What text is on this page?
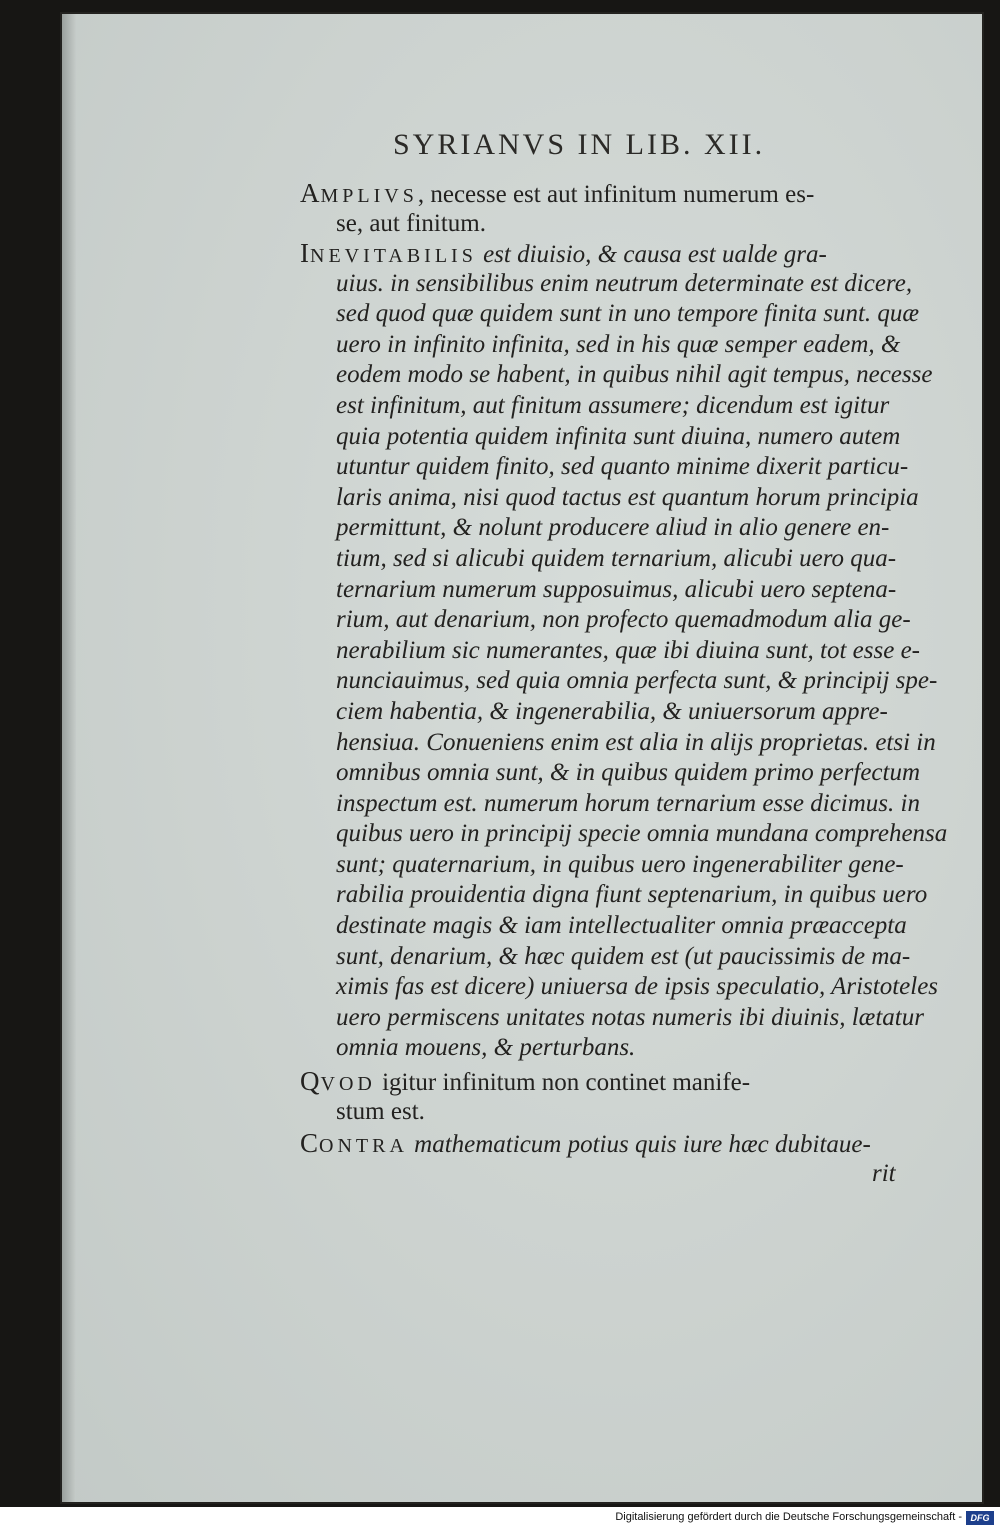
SYRIANVS IN LIB. XII.
AMPLIVS, necesse est aut infinitum numerum es-
se, aut finitum.
INEVITABILIS est diuisio, & causa est ualde gra-
uius. in sensibilibus enim neutrum determinate est dicere,
sed quod quæ quidem sunt in uno tempore finita sunt. quæ
uero in infinito infinita, sed in his quæ semper eadem, &
eodem modo se habent, in quibus nihil agit tempus, necesse
est infinitum, aut finitum assumere; dicendum est igitur
quia potentia quidem infinita sunt diuina, numero autem
utuntur quidem finito, sed quanto minime dixerit particu-
laris anima, nisi quod tactus est quantum horum principia
permittunt, & nolunt producere aliud in alio genere en-
tium, sed si alicubi quidem ternarium, alicubi uero qua-
ternarium numerum supposuimus, alicubi uero septena-
rium, aut denarium, non profecto quemadmodum alia ge-
nerabilium sic numerantes, quæ ibi diuina sunt, tot esse e-
nunciauimus, sed quia omnia perfecta sunt, & principij spe-
ciem habentia, & ingenerabilia, & uniuersorum appre-
hensiua. Conueniens enim est alia in alijs proprietas. etsi in
omnibus omnia sunt, & in quibus quidem primo perfectum
inspectum est. numerum horum ternarium esse dicimus. in
quibus uero in principij specie omnia mundana comprehensa
sunt; quaternarium, in quibus uero ingenerabiliter gene-
rabilia prouidentia digna fiunt septenarium, in quibus uero
destinate magis & iam intellectualiter omnia præaccepta
sunt, denarium, & hæc quidem est (ut paucissimis de ma-
ximis fas est dicere) uniuersa de ipsis speculatio, Aristoteles
uero permiscens unitates notas numeris ibi diuinis, lætatur
omnia mouens, & perturbans.
QVOD igitur infinitum non continet manife-
stum est.
CONTRA mathematicum potius quis iure hæc dubitaue-
rit
Digitalisierung gefördert durch die Deutsche Forschungsgemeinschaft - DFG
